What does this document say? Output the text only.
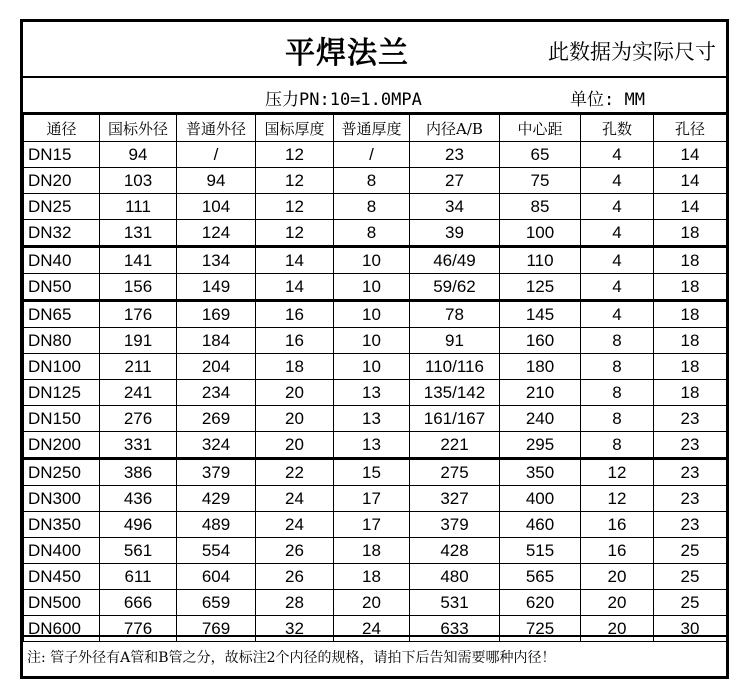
平焊法兰	此数据为实际尺寸
压力PN:10=1.0MPA	单位: MM
通径	国标外径	普通外径	国标厚度	普通厚度	内径A/B	中心距	孔数	孔径
DN15	94	/	12	/	23	65	4	14
DN20	103	94	12	8	27	75	4	14
DN25	111	104	12	8	34	85	4	14
DN32	131	124	12	8	39	100	4	18
DN40	141	134	14	10	46/49	110	4	18
DN50	156	149	14	10	59/62	125	4	18
DN65	176	169	16	10	78	145	4	18
DN80	191	184	16	10	91	160	8	18
DN100	211	204	18	10	110/116	180	8	18
DN125	241	234	20	13	135/142	210	8	18
DN150	276	269	20	13	161/167	240	8	23
DN200	331	324	20	13	221	295	8	23
DN250	386	379	22	15	275	350	12	23
DN300	436	429	24	17	327	400	12	23
DN350	496	489	24	17	379	460	16	23
DN400	561	554	26	18	428	515	16	25
DN450	611	604	26	18	480	565	20	25
DN500	666	659	28	20	531	620	20	25
DN600	776	769	32	24	633	725	20	30
注: 管子外径有A管和B管之分，故标注2个内径的规格，请拍下后告知需要哪种内径！
